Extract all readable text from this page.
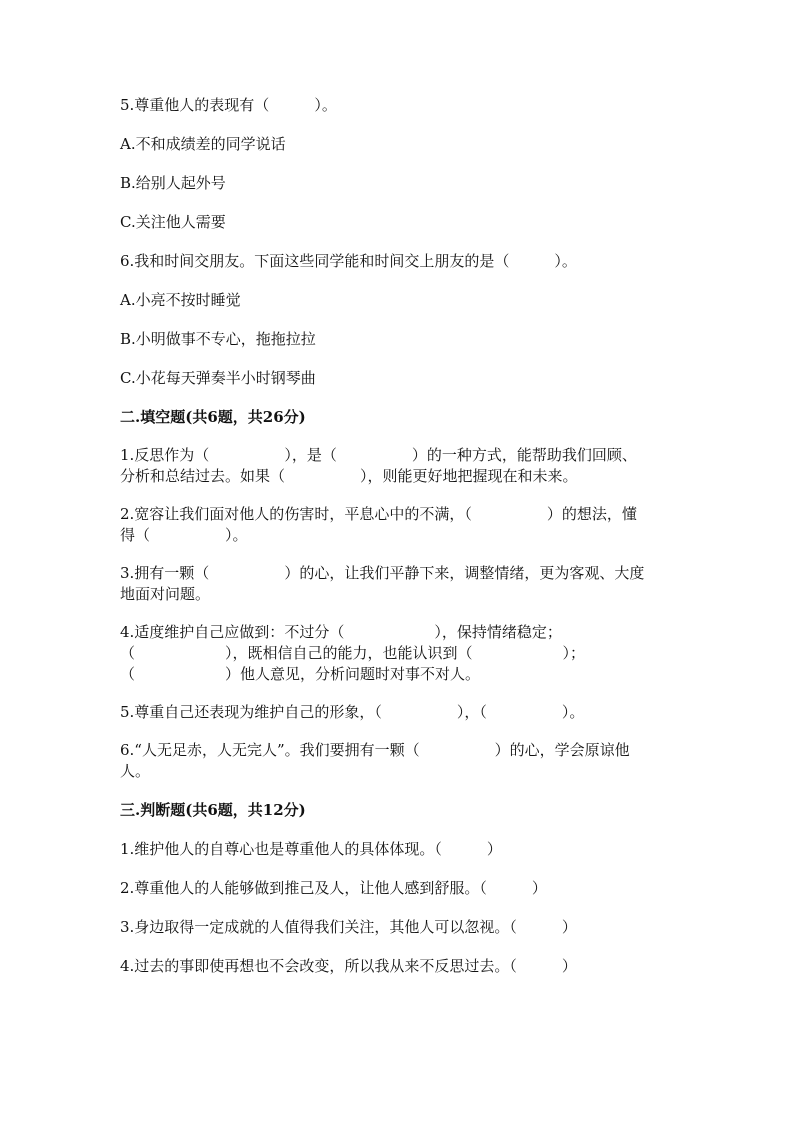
5.尊重他人的表现有（　　　）。

A.不和成绩差的同学说话

B.给别人起外号

C.关注他人需要

6.我和时间交朋友。下面这些同学能和时间交上朋友的是（　　　）。

A.小亮不按时睡觉

B.小明做事不专心，拖拖拉拉

C.小花每天弹奏半小时钢琴曲

二.填空题(共6题，共26分)

1.反思作为（　　　　　），是（　　　　　）的一种方式，能帮助我们回顾、
分析和总结过去。如果（　　　　　），则能更好地把握现在和未来。
2.宽容让我们面对他人的伤害时，平息心中的不满，（　　　　　）的想法，懂
得（　　　　　）。
3.拥有一颗（　　　　　）的心，让我们平静下来，调整情绪，更为客观、大度
地面对问题。
4.适度维护自己应做到：不过分（　　　　　　），保持情绪稳定；
（　　　　　　），既相信自己的能力，也能认识到（　　　　　　）；
（　　　　　　）他人意见，分析问题时对事不对人。
5.尊重自己还表现为维护自己的形象，（　　　　　），（　　　　　）。
6.“人无足赤，人无完人”。我们要拥有一颗（　　　　　）的心，学会原谅他
人。

三.判断题(共6题，共12分)

1.维护他人的自尊心也是尊重他人的具体体现。（　　　）

2.尊重他人的人能够做到推己及人，让他人感到舒服。（　　　）

3.身边取得一定成就的人值得我们关注，其他人可以忽视。（　　　）

4.过去的事即使再想也不会改变，所以我从来不反思过去。（　　　）
